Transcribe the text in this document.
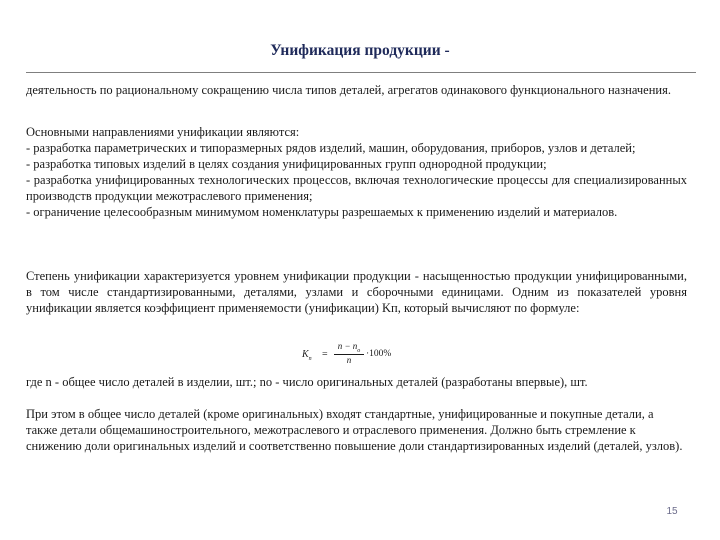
Унификация продукции -
деятельность по рациональному сокращению числа типов деталей, агрегатов одинакового функционального назначения.
Основными направлениями унификации являются:
- разработка параметрических и типоразмерных рядов изделий, машин, оборудования, приборов, узлов и деталей;
- разработка типовых изделий в целях создания унифицированных групп однородной продукции;
- разработка унифицированных технологических процессов, включая технологические процессы для специализированных производств продукции межотраслевого применения;
- ограничение целесообразным минимумом номенклатуры разрешаемых к применению изделий и материалов.
Степень унификации характеризуется уровнем унификации продукции - насыщенностью продукции унифицированными, в том числе стандартизированными, деталями, узлами и сборочными единицами. Одним из показателей уровня унификации является коэффициент применяемости (унификации) Kп, который вычисляют по формуле:
$K_п$ =
$n - n_o$
n
·100%
где n - общее число деталей в изделии, шт.; nо - число оригинальных деталей (разработаны впервые), шт.
При этом в общее число деталей (кроме оригинальных) входят стандартные, унифицированные и покупные детали, а также детали общемашиностроительного, межотраслевого и отраслевого применения. Должно быть стремление к снижению доли оригинальных изделий и соответственно повышение доли стандартизированных изделий (деталей, узлов).
15
